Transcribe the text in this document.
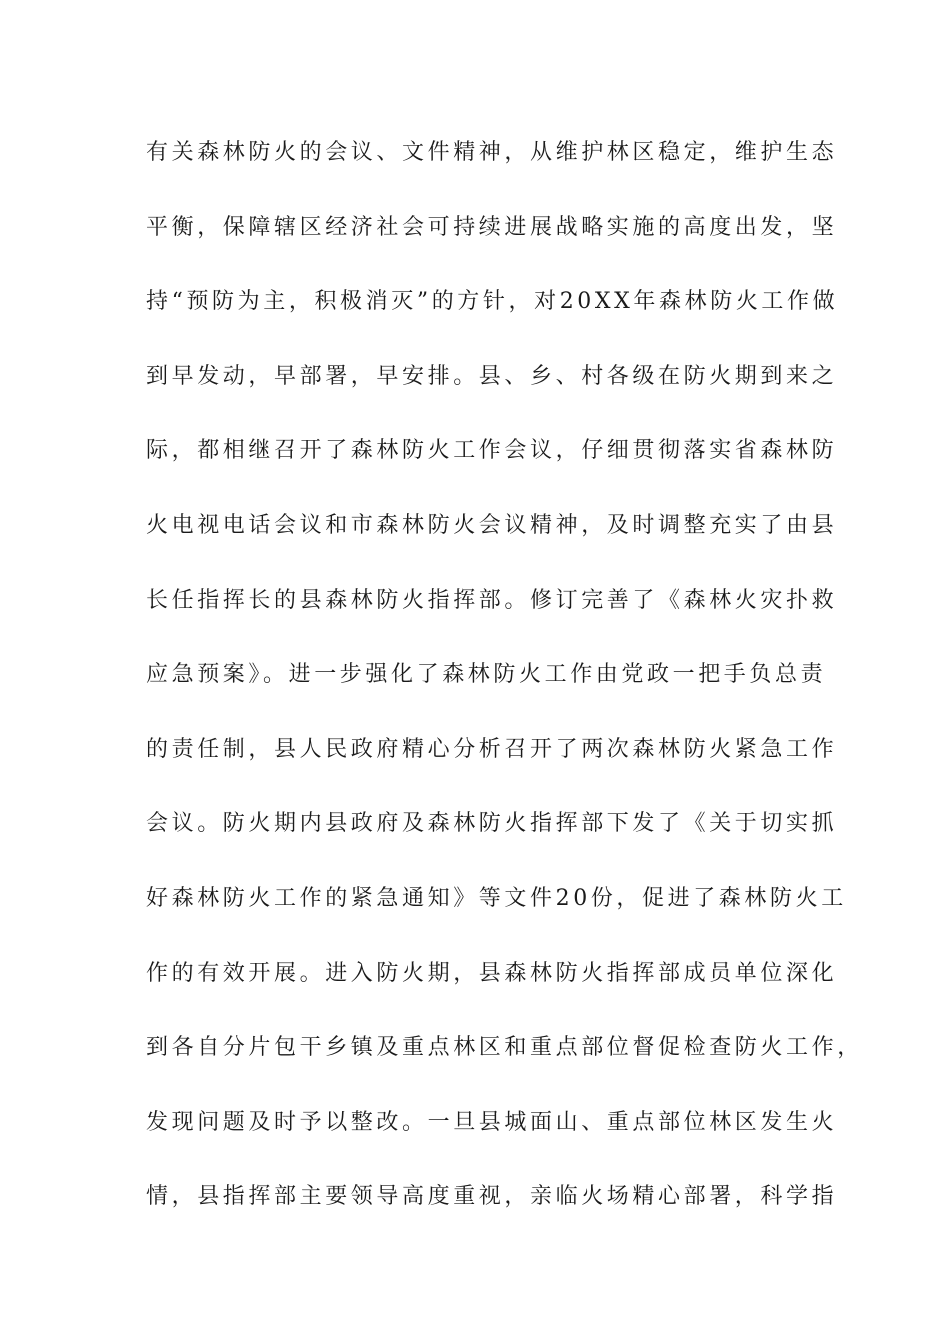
有关森林防火的会议、文件精神，从维护林区稳定，维护生态
平衡，保障辖区经济社会可持续进展战略实施的高度出发，坚
持“预防为主，积极消灭”的方针，对20XX年森林防火工作做
到早发动，早部署，早安排。县、乡、村各级在防火期到来之
际，都相继召开了森林防火工作会议，仔细贯彻落实省森林防
火电视电话会议和市森林防火会议精神，及时调整充实了由县
长任指挥长的县森林防火指挥部。修订完善了《森林火灾扑救
应急预案》。进一步强化了森林防火工作由党政一把手负总责
的责任制，县人民政府精心分析召开了两次森林防火紧急工作
会议。防火期内县政府及森林防火指挥部下发了《关于切实抓
好森林防火工作的紧急通知》等文件20份，促进了森林防火工
作的有效开展。进入防火期，县森林防火指挥部成员单位深化
到各自分片包干乡镇及重点林区和重点部位督促检查防火工作，
发现问题及时予以整改。一旦县城面山、重点部位林区发生火
情，县指挥部主要领导高度重视，亲临火场精心部署，科学指
